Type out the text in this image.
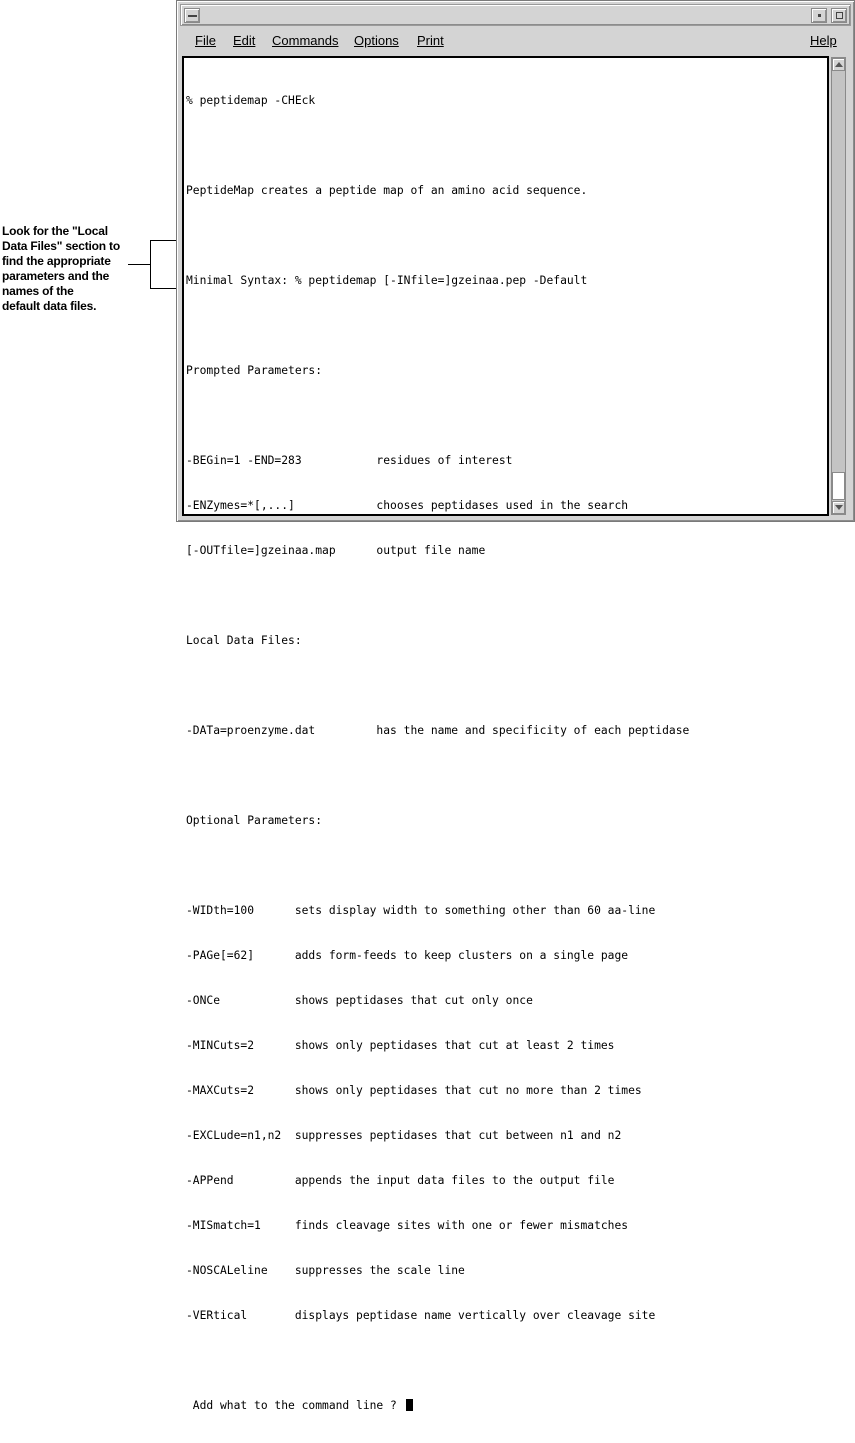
Look for the "Local
Data Files" section to
find the appropriate
parameters and the
names of the
default data files.
File Edit Commands Options Print	Help

% peptidemap -CHEck

PeptideMap creates a peptide map of an amino acid sequence.

Minimal Syntax: % peptidemap [-INfile=]gzeinaa.pep -Default

Prompted Parameters:

-BEGin=1 -END=283           residues of interest

-ENZymes=*[,...]            chooses peptidases used in the search

[-OUTfile=]gzeinaa.map      output file name

Local Data Files:

-DATa=proenzyme.dat         has the name and specificity of each peptidase

Optional Parameters:

-WIDth=100      sets display width to something other than 60 aa-line

-PAGe[=62]      adds form-feeds to keep clusters on a single page

-ONCe           shows peptidases that cut only once

-MINCuts=2      shows only peptidases that cut at least 2 times

-MAXCuts=2      shows only peptidases that cut no more than 2 times

-EXCLude=n1,n2  suppresses peptidases that cut between n1 and n2

-APPend         appends the input data files to the output file

-MISmatch=1     finds cleavage sites with one or fewer mismatches

-NOSCALeline    suppresses the scale line

-VERtical       displays peptidase name vertically over cleavage site

Add what to the command line ?
